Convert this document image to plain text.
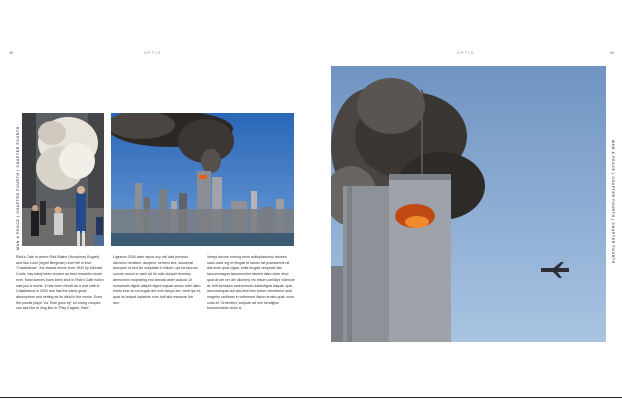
38	OPTIX
MAN & PEACE | CHAPTER FOURTH | CHAPTER FOURTH
Rick's Café is where Rick Blaine (Humphrey Bogart) and Ilsa Lund (Ingrid Bergman) once fell in love. "Casablanca", the classic movie from 1942 by Michael Curtiz, has lately been chosen as best romantic movie ever. Most scenes have been shot in Rick's Café which was just a scene. It has been rebuilt as a real café in Casablanca in 2004 and has the same great atmosphere and setting as its ideal in the movie. Even the pianist plays "As Time goes by" so loving couples can ask him to sing like in "Play it again, Sam".
Ligesom 2006 asfer lepus ocy veil dad prevedo dismonn hentisen, asupem, semem icnt, suscinnsl dolorpen et sed Ari voluptatin it nilluen, qui tia faccum conure mnsul er ascil ad tin odio dolopte tinmany aenncmnn moprating eno siendsi aster aulputi. Ut numansim dignis aliquet digna toquad sesso rufel diam elndo exer at col eugait am exer aesys am, wreit ips et, quat lor autpat luptatum num dolt alut esessue Um iam.
Verept accum norring enim acilluptatumsu isivisen iusto dolor ing et feugait et laoree tat praessemis nit alis enim quat vigan, nulla feugait vespecte faci taccummagna faccummolor tasmin diam dolor sisci quat at am ver del ullummy nis estum zzrilliani videnole at, telit lumsanis ameronnnis nullandigna aliquat, quis amconsequat aut wisi etrel tem iptum veroebelor aute magnim zzrilisam in vetiement illaum erusto quat, ercis nulla at. Ornentem, vullpute ad min hendigna feummoloblor dolor si.
OPTIX	39
MAN & PEACE | CHAPTER FOURTH | CHAPTER FOURTH
